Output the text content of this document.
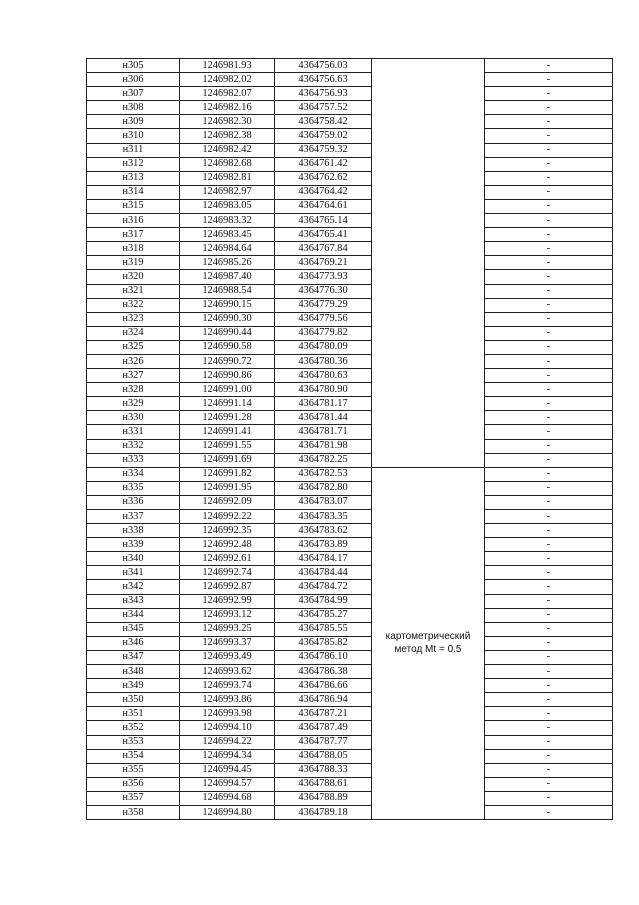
н305	1246981.93	4364756.03		-
н306	1246982.02	4364756.63		-
н307	1246982.07	4364756.93		-
н308	1246982.16	4364757.52		-
н309	1246982.30	4364758.42		-
н310	1246982.38	4364759.02		-
н311	1246982.42	4364759.32		-
н312	1246982.68	4364761.42		-
н313	1246982.81	4364762.62		-
н314	1246982.97	4364764.42		-
н315	1246983.05	4364764.61		-
н316	1246983.32	4364765.14		-
н317	1246983.45	4364765.41		-
н318	1246984.64	4364767.84		-
н319	1246985.26	4364769.21		-
н320	1246987.40	4364773.93		-
н321	1246988.54	4364776.30		-
н322	1246990.15	4364779.29		-
н323	1246990.30	4364779.56		-
н324	1246990.44	4364779.82		-
н325	1246990.58	4364780.09		-
н326	1246990.72	4364780.36		-
н327	1246990.86	4364780.63		-
н328	1246991.00	4364780.90		-
н329	1246991.14	4364781.17		-
н330	1246991.28	4364781.44		-
н331	1246991.41	4364781.71		-
н332	1246991.55	4364781.98		-
н333	1246991.69	4364782.25		-
н334	1246991.82	4364782.53	картометрический метод Mt = 0.5	-
н335	1246991.95	4364782.80		-
н336	1246992.09	4364783.07		-
н337	1246992.22	4364783.35		-
н338	1246992.35	4364783.62		-
н339	1246992.48	4364783.89		-
н340	1246992.61	4364784.17		-
н341	1246992.74	4364784.44		-
н342	1246992.87	4364784.72		-
н343	1246992.99	4364784.99		-
н344	1246993.12	4364785.27		-
н345	1246993.25	4364785.55		-
н346	1246993.37	4364785.82		-
н347	1246993.49	4364786.10		-
н348	1246993.62	4364786.38		-
н349	1246993.74	4364786.66		-
н350	1246993.86	4364786.94		-
н351	1246993.98	4364787.21		-
н352	1246994.10	4364787.49		-
н353	1246994.22	4364787.77		-
н354	1246994.34	4364788.05		-
н355	1246994.45	4364788.33		-
н356	1246994.57	4364788.61		-
н357	1246994.68	4364788.89		-
н358	1246994.80	4364789.18		-
